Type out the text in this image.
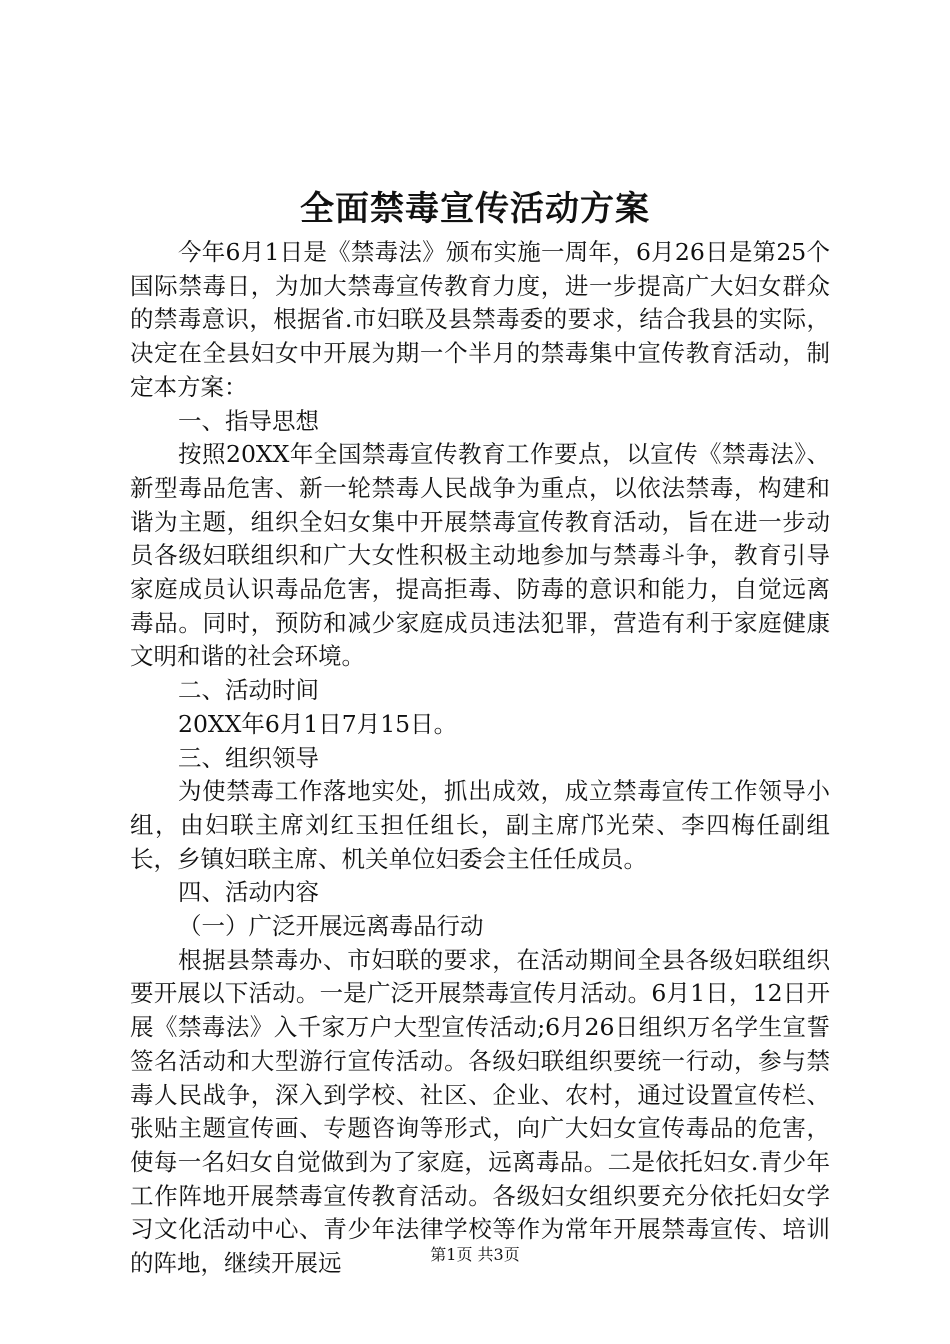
全面禁毒宣传活动方案

今年6月1日是《禁毒法》颁布实施一周年，6月26日是第25个国际禁毒日，为加大禁毒宣传教育力度，进一步提高广大妇女群众的禁毒意识，根据省.市妇联及县禁毒委的要求，结合我县的实际，决定在全县妇女中开展为期一个半月的禁毒集中宣传教育活动，制定本方案：

一、指导思想

按照20XX年全国禁毒宣传教育工作要点，以宣传《禁毒法》、新型毒品危害、新一轮禁毒人民战争为重点，以依法禁毒，构建和谐为主题，组织全妇女集中开展禁毒宣传教育活动，旨在进一步动员各级妇联组织和广大女性积极主动地参加与禁毒斗争，教育引导家庭成员认识毒品危害，提高拒毒、防毒的意识和能力，自觉远离毒品。同时，预防和减少家庭成员违法犯罪，营造有利于家庭健康文明和谐的社会环境。

二、活动时间

20XX年6月1日7月15日。

三、组织领导

为使禁毒工作落地实处，抓出成效，成立禁毒宣传工作领导小组，由妇联主席刘红玉担任组长，副主席邝光荣、李四梅任副组长，乡镇妇联主席、机关单位妇委会主任任成员。

四、活动内容

（一）广泛开展远离毒品行动

根据县禁毒办、市妇联的要求，在活动期间全县各级妇联组织要开展以下活动。一是广泛开展禁毒宣传月活动。6月1日，12日开展《禁毒法》入千家万户大型宣传活动;6月26日组织万名学生宣誓签名活动和大型游行宣传活动。各级妇联组织要统一行动，参与禁毒人民战争，深入到学校、社区、企业、农村，通过设置宣传栏、张贴主题宣传画、专题咨询等形式，向广大妇女宣传毒品的危害，使每一名妇女自觉做到为了家庭，远离毒品。二是依托妇女.青少年工作阵地开展禁毒宣传教育活动。各级妇女组织要充分依托妇女学习文化活动中心、青少年法律学校等作为常年开展禁毒宣传、培训的阵地，继续开展远	第1页 共3页
